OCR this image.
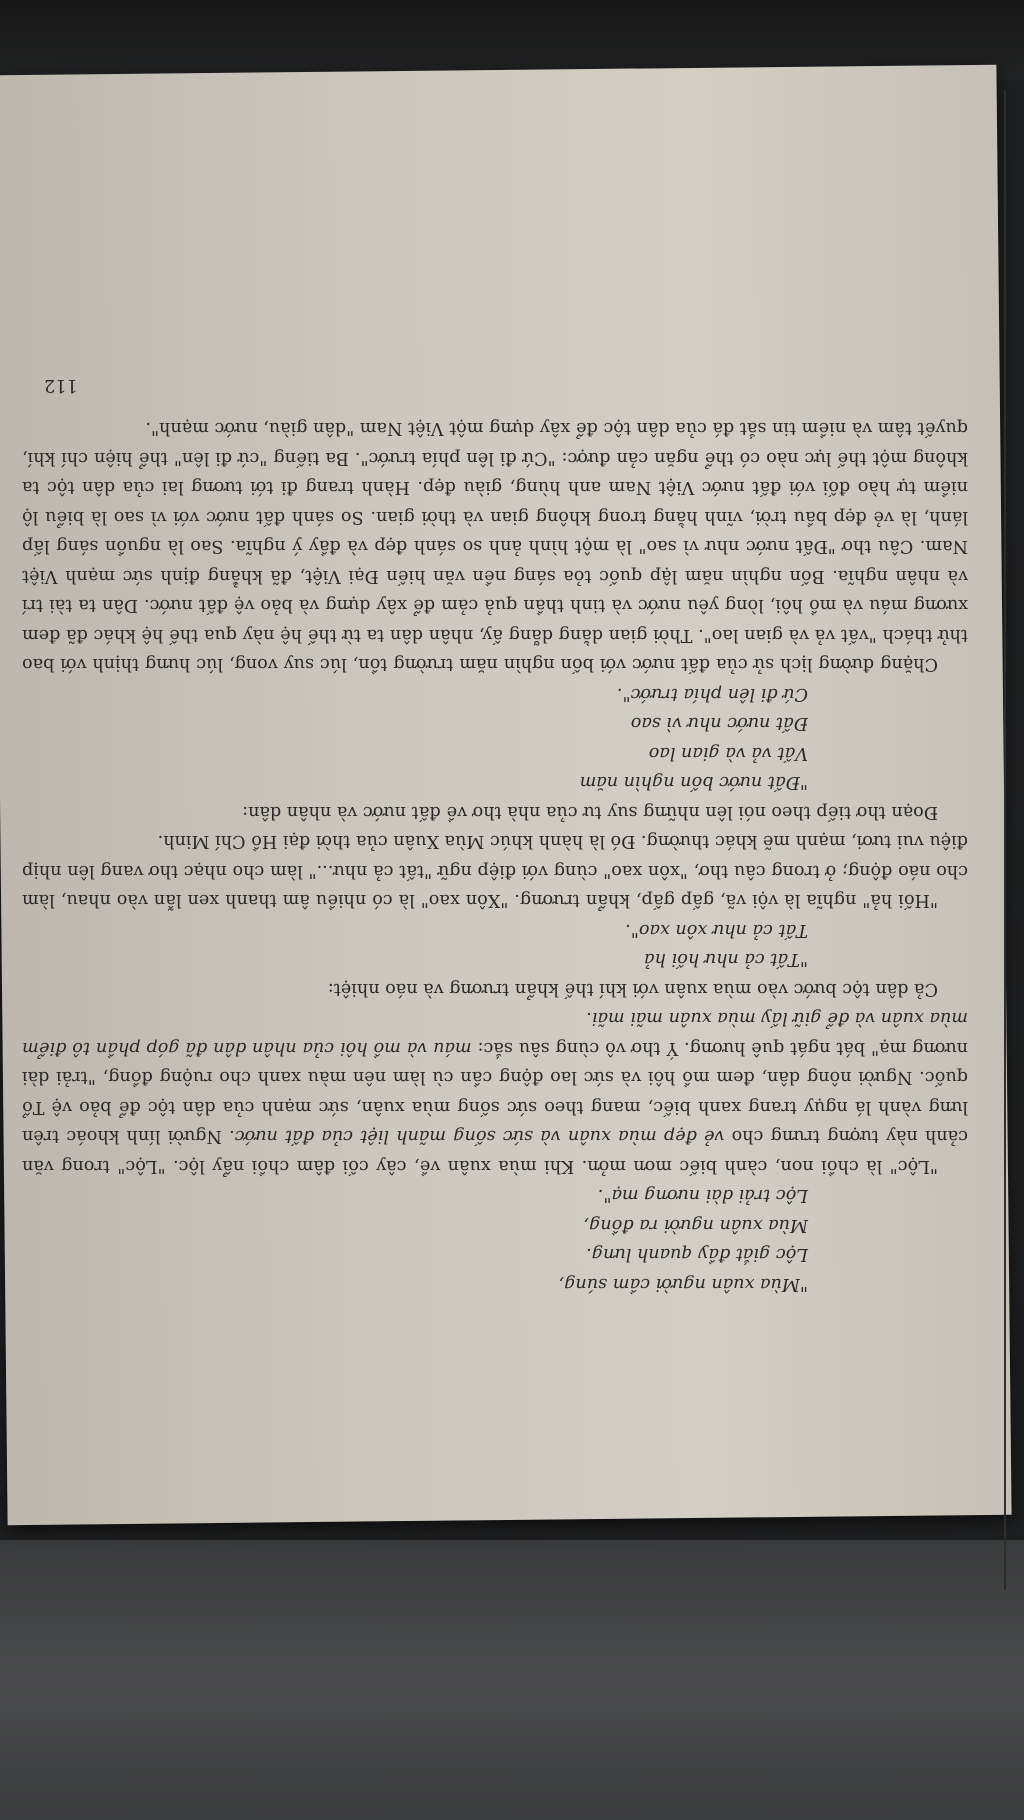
"Mùa xuân người cầm súng,
Lộc giắt đầy quanh lưng.
Mùa xuân người ra đồng,
Lộc trải dài nương mạ".

"Lộc" là chồi non, cành biếc mơn mởn. Khi mùa xuân về, cây cối đâm chồi nẩy lộc. "Lộc" trong văn cảnh này tượng trưng cho vẻ đẹp mùa xuân và sức sống mãnh liệt của đất nước. Người lính khoác trên lưng vành lá ngụy trang xanh biếc, mang theo sức sống mùa xuân, sức mạnh của dân tộc để bảo vệ Tổ quốc. Người nông dân, đem mồ hôi và sức lao động cần cù làm nên màu xanh cho ruộng đồng, "trải dài nương mạ" bát ngát quê hương. Ý thơ vô cùng sâu sắc: máu và mồ hôi của nhân dân đã góp phần tô điểm mùa xuân và để giữ lấy mùa xuân mãi mãi.

Cả dân tộc bước vào mùa xuân với khí thế khẩn trương và náo nhiệt:

"Tất cả như hối hả
Tất cả như xôn xao".

"Hối hả" nghĩa là vội vã, gấp gấp, khẩn trương. "Xôn xao" là có nhiều âm thanh xen lẫn vào nhau, làm cho náo động; ở trong câu thơ, "xôn xao" cùng với điệp ngữ "tất cả như..." làm cho nhạc thơ vang lên nhịp điệu vui tươi, mạnh mẽ khác thường. Đó là hành khúc Mùa Xuân của thời đại Hồ Chí Minh.

Đoạn thơ tiếp theo nói lên những suy tư của nhà thơ về đất nước và nhân dân:

"Đất nước bốn nghìn năm
Vất vả và gian lao
Đất nước như vì sao
Cứ đi lên phía trước".

Chặng đường lịch sử của đất nước với bốn nghìn năm trường tồn, lúc suy vong, lúc hưng thịnh với bao thử thách "vất vả và gian lao". Thời gian dằng dẵng ấy, nhân dân ta từ thế hệ này qua thế hệ khác đã đem xương máu và mồ hôi, lòng yêu nước và tinh thần quả cảm để xây dựng và bảo vệ đất nước. Dân ta tài trí và nhân nghĩa. Bốn nghìn năm lập quốc tỏa sáng nền văn hiến Đại Việt, đã khẳng định sức mạnh Việt Nam. Câu thơ "Đất nước như vì sao" là một hình ảnh so sánh đẹp và đầy ý nghĩa. Sao là nguồn sáng lấp lánh, là vẻ đẹp bầu trời, vĩnh hằng trong không gian và thời gian. So sánh đất nước với vì sao là biểu lộ niềm tự hào đối với đất nước Việt Nam anh hùng, giàu đẹp. Hành trang đi tới tương lai của dân tộc ta không một thế lực nào có thể ngăn cản được: "Cứ đi lên phía trước". Ba tiếng "cứ đi lên" thể hiện chí khí, quyết tâm và niềm tin sắt đá của dân tộc để xây dựng một Việt Nam "dân giàu, nước mạnh".

112
